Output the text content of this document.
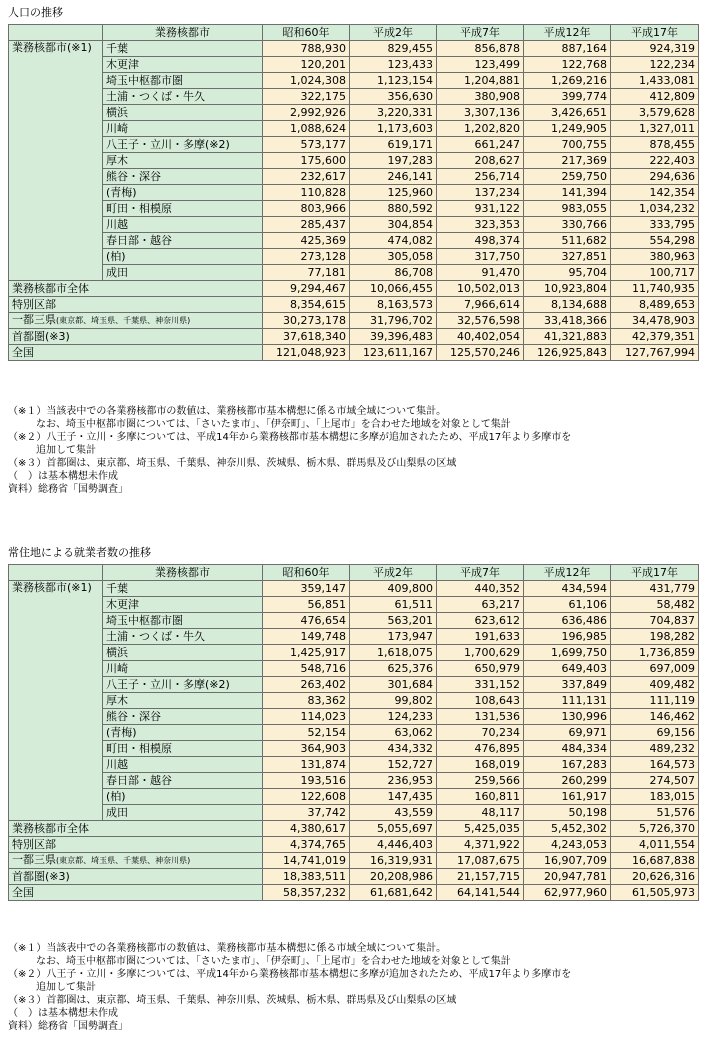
人口の推移
	業務核都市	昭和60年	平成2年	平成7年	平成12年	平成17年
業務核都市(※1)	千葉	788,930	829,455	856,878	887,164	924,319
	木更津	120,201	123,433	123,499	122,768	122,234
	埼玉中枢都市圏	1,024,308	1,123,154	1,204,881	1,269,216	1,433,081
	土浦・つくば・牛久	322,175	356,630	380,908	399,774	412,809
	横浜	2,992,926	3,220,331	3,307,136	3,426,651	3,579,628
	川崎	1,088,624	1,173,603	1,202,820	1,249,905	1,327,011
	八王子・立川・多摩(※2)	573,177	619,171	661,247	700,755	878,455
	厚木	175,600	197,283	208,627	217,369	222,403
	熊谷・深谷	232,617	246,141	256,714	259,750	294,636
	(青梅)	110,828	125,960	137,234	141,394	142,354
	町田・相模原	803,966	880,592	931,122	983,055	1,034,232
	川越	285,437	304,854	323,353	330,766	333,795
	春日部・越谷	425,369	474,082	498,374	511,682	554,298
	(柏)	273,128	305,058	317,750	327,851	380,963
	成田	77,181	86,708	91,470	95,704	100,717
業務核都市全体		9,294,467	10,066,455	10,502,013	10,923,804	11,740,935
特別区部		8,354,615	8,163,573	7,966,614	8,134,688	8,489,653
一都三県(東京都、埼玉県、千葉県、神奈川県)		30,273,178	31,796,702	32,576,598	33,418,366	34,478,903
首都圏(※3)		37,618,340	39,396,483	40,402,054	41,321,883	42,379,351
全国		121,048,923	123,611,167	125,570,246	126,925,843	127,767,994
（※１）当該表中での各業務核都市の数値は、業務核都市基本構想に係る市域全域について集計。
なお、埼玉中枢都市圏については、「さいたま市」、「伊奈町」、「上尾市」を合わせた地域を対象として集計
（※２）八王子・立川・多摩については、平成14年から業務核都市基本構想に多摩が追加されたため、平成17年より多摩市を
追加して集計
（※３）首都圏は、東京都、埼玉県、千葉県、神奈川県、茨城県、栃木県、群馬県及び山梨県の区域
（　）は基本構想未作成
資料）総務省「国勢調査」
常住地による就業者数の推移
	業務核都市	昭和60年	平成2年	平成7年	平成12年	平成17年
業務核都市(※1)	千葉	359,147	409,800	440,352	434,594	431,779
	木更津	56,851	61,511	63,217	61,106	58,482
	埼玉中枢都市圏	476,654	563,201	623,612	636,486	704,837
	土浦・つくば・牛久	149,748	173,947	191,633	196,985	198,282
	横浜	1,425,917	1,618,075	1,700,629	1,699,750	1,736,859
	川崎	548,716	625,376	650,979	649,403	697,009
	八王子・立川・多摩(※2)	263,402	301,684	331,152	337,849	409,482
	厚木	83,362	99,802	108,643	111,131	111,119
	熊谷・深谷	114,023	124,233	131,536	130,996	146,462
	(青梅)	52,154	63,062	70,234	69,971	69,156
	町田・相模原	364,903	434,332	476,895	484,334	489,232
	川越	131,874	152,727	168,019	167,283	164,573
	春日部・越谷	193,516	236,953	259,566	260,299	274,507
	(柏)	122,608	147,435	160,811	161,917	183,015
	成田	37,742	43,559	48,117	50,198	51,576
業務核都市全体		4,380,617	5,055,697	5,425,035	5,452,302	5,726,370
特別区部		4,374,765	4,446,403	4,371,922	4,243,053	4,011,554
一都三県(東京都、埼玉県、千葉県、神奈川県)		14,741,019	16,319,931	17,087,675	16,907,709	16,687,838
首都圏(※3)		18,383,511	20,208,986	21,157,715	20,947,781	20,626,316
全国		58,357,232	61,681,642	64,141,544	62,977,960	61,505,973
（※１）当該表中での各業務核都市の数値は、業務核都市基本構想に係る市域全域について集計。
なお、埼玉中枢都市圏については、「さいたま市」、「伊奈町」、「上尾市」を合わせた地域を対象として集計
（※２）八王子・立川・多摩については、平成14年から業務核都市基本構想に多摩が追加されたため、平成17年より多摩市を
追加して集計
（※３）首都圏は、東京都、埼玉県、千葉県、神奈川県、茨城県、栃木県、群馬県及び山梨県の区域
（　）は基本構想未作成
資料）総務省「国勢調査」
